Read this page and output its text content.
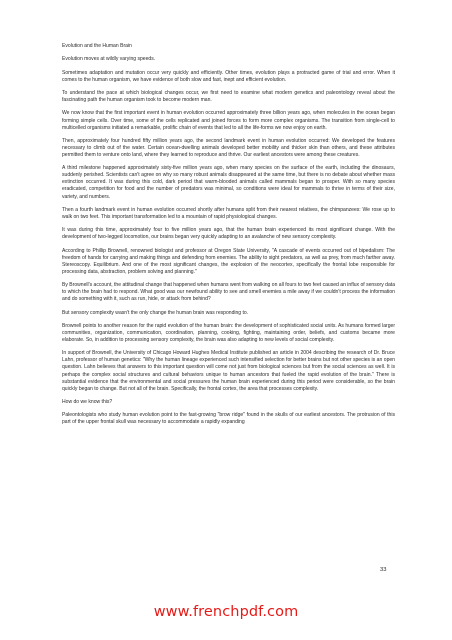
Evolution and the Human Brain

Evolution moves at wildly varying speeds.

Sometimes adaptation and mutation occur very quickly and efficiently. Other times, evolution plays a protracted game of trial and error. When it comes to the human organism, we have evidence of both slow and fast, inept and efficient evolution.

To understand the pace at which biological changes occur, we first need to examine what modern genetics and paleontology reveal about the fascinating path the human organism took to become modern man.

We now know that the first important event in human evolution occurred approximately three billion years ago, when molecules in the ocean began forming simple cells. Over time, some of the cells replicated and joined forces to form more complex organisms. The transition from single-cell to multicelled organisms initiated a remarkable, prolific chain of events that led to all the life-forms we now enjoy on earth.

Then, approximately four hundred fifty million years ago, the second landmark event in human evolution occurred: We developed the features necessary to climb out of the water. Certain ocean-dwelling animals developed better mobility and thicker skin than others, and these attributes permitted them to venture onto land, where they learned to reproduce and thrive. Our earliest ancestors were among these creatures.

A third milestone happened approximately sixty-five million years ago, when many species on the surface of the earth, including the dinosaurs, suddenly perished. Scientists can't agree on why so many robust animals disappeared at the same time, but there is no debate about whether mass extinction occurred. It was during this cold, dark period that warm-blooded animals called mammals began to prosper. With so many species eradicated, competition for food and the number of predators was minimal, so conditions were ideal for mammals to thrive in terms of their size, variety, and numbers.

Then a fourth landmark event in human evolution occurred shortly after humans split from their nearest relatives, the chimpanzees: We rose up to walk on two feet. This important transformation led to a mountain of rapid physiological changes.

It was during this time, approximately four to five million years ago, that the human brain experienced its most significant change. With the development of two-legged locomotion, our brains began very quickly adapting to an avalanche of new sensory complexity.

According to Phillip Brownell, renowned biologist and professor at Oregon State University, "A cascade of events occurred out of bipedalism: The freedom of hands for carrying and making things and defending from enemies. The ability to sight predators, as well as prey, from much farther away. Stereoscopy. Equilibrium. And one of the most significant changes, the explosion of the neocortex, specifically the frontal lobe responsible for processing data, abstraction, problem solving and planning."

By Brownell's account, the attitudinal change that happened when humans went from walking on all fours to two feet caused an influx of sensory data to which the brain had to respond. What good was our newfound ability to see and smell enemies a mile away if we couldn't process the information and do something with it, such as run, hide, or attack from behind?

But sensory complexity wasn't the only change the human brain was responding to.

Brownell points to another reason for the rapid evolution of the human brain: the development of sophisticated social units. As humans formed larger communities, organization, communication, coordination, planning, cooking, fighting, maintaining order, beliefs, and customs became more elaborate. So, in addition to processing sensory complexity, the brain was also adapting to new levels of social complexity.

In support of Brownell, the University of Chicago Howard Hughes Medical Institute published an article in 2004 describing the research of Dr. Bruce Lahn, professor of human genetics: "Why the human lineage experienced such intensified selection for better brains but not other species is an open question. Lahn believes that answers to this important question will come not just from biological sciences but from the social sciences as well. It is perhaps the complex social structures and cultural behaviors unique to human ancestors that fueled the rapid evolution of the brain." There is substantial evidence that the environmental and social pressures the human brain experienced during this period were considerable, so the brain quickly began to change. But not all of the brain. Specifically, the frontal cortex, the area that processes complexity.

How do we know this?

Paleontologists who study human evolution point to the fast-growing "brow ridge" found in the skulls of our earliest ancestors. The protrusion of this part of the upper frontal skull was necessary to accommodate a rapidly expanding

33
www.frenchpdf.com
